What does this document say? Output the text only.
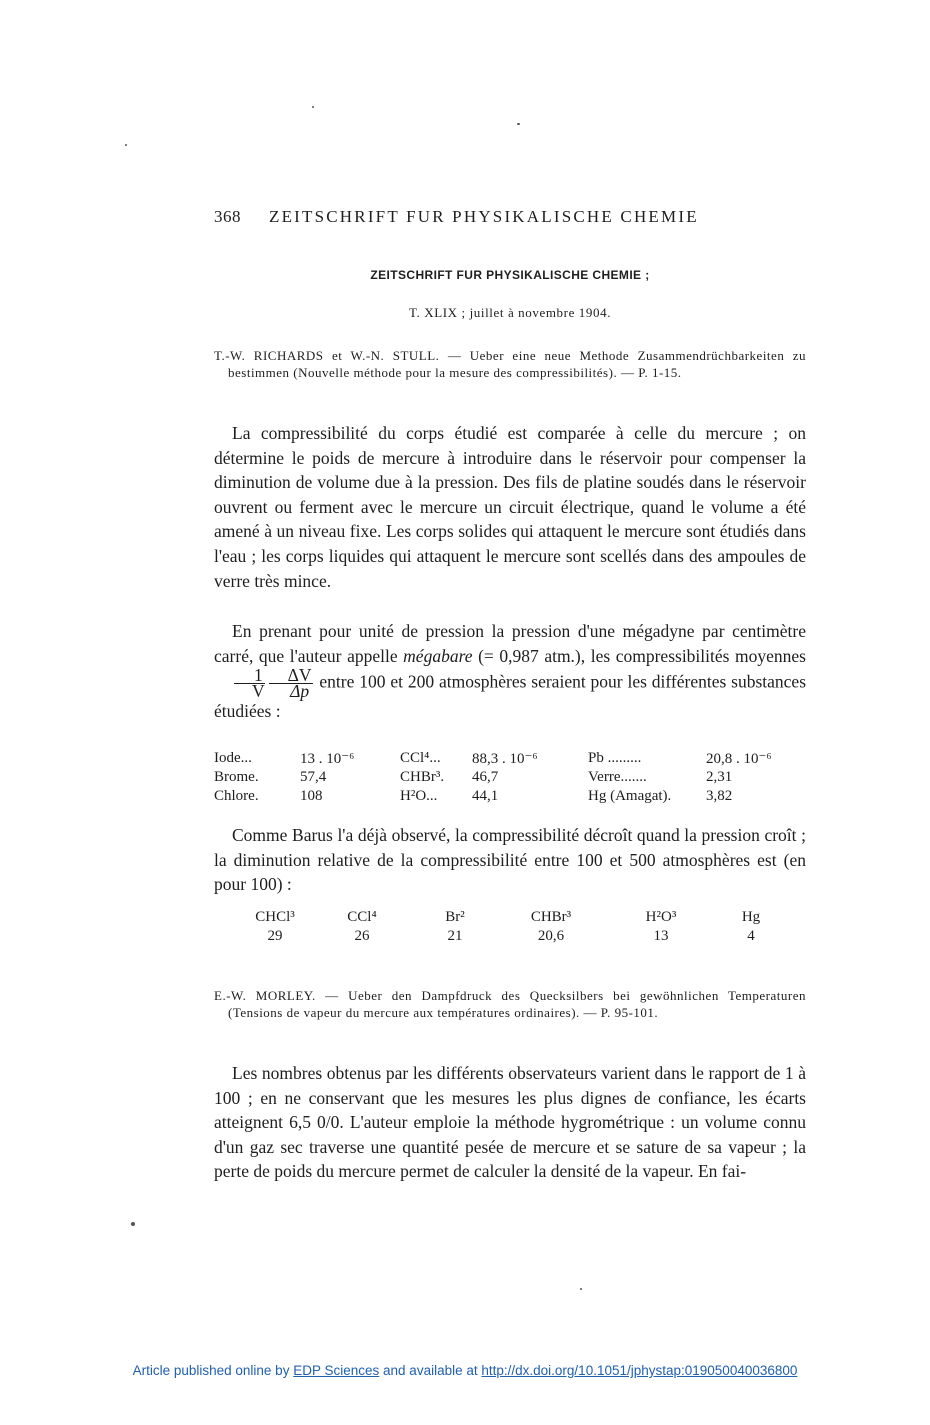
368 ZEITSCHRIFT FUR PHYSIKALISCHE CHEMIE
ZEITSCHRIFT FUR PHYSIKALISCHE CHEMIE ;
T. XLIX ; juillet à novembre 1904.
T.-W. RICHARDS et W.-N. STULL. — Ueber eine neue Methode Zusammendrüchbarkeiten zu bestimmen (Nouvelle méthode pour la mesure des compressibilités). — P. 1-15.

La compressibilité du corps étudié est comparée à celle du mercure ; on détermine le poids de mercure à introduire dans le réservoir pour compenser la diminution de volume due à la pression. Des fils de platine soudés dans le réservoir ouvrent ou ferment avec le mercure un circuit électrique, quand le volume a été amené à un niveau fixe. Les corps solides qui attaquent le mercure sont étudiés dans l'eau ; les corps liquides qui attaquent le mercure sont scellés dans des ampoules de verre très mince.

En prenant pour unité de pression la pression d'une mégadyne par centimètre carré, que l'auteur appelle mégabare (= 0,987 atm.), les compressibilités moyennes
$\frac{1}{V} \frac{\Delta V}{\Delta p}$ entre 100 et 200 atmosphères seraient pour les différentes substances étudiées :

Iode...	13 . 10⁻⁶	CCl⁴...	88,3 . 10⁻⁶	Pb .........	20,8 . 10⁻⁶
Brome.	57,4	CHBr³.	46,7	Verre.......	2,31
Chlore.	108	H²O...	44,1	Hg (Amagat).	3,82

Comme Barus l'a déjà observé, la compressibilité décroît quand la pression croît ; la diminution relative de la compressibilité entre 100 et 500 atmosphères est (en pour 100) :

CHCl³	CCl⁴	Br²	CHBr³	H²O³	Hg
29	26	21	20,6	13	4
E.-W. MORLEY. — Ueber den Dampfdruck des Quecksilbers bei gewöhnlichen Temperaturen (Tensions de vapeur du mercure aux températures ordinaires). — P. 95-101.

Les nombres obtenus par les différents observateurs varient dans le rapport de 1 à 100 ; en ne conservant que les mesures les plus dignes de confiance, les écarts atteignent 6,5 0/0. L'auteur emploie la méthode hygrométrique : un volume connu d'un gaz sec traverse une quantité pesée de mercure et se sature de sa vapeur ; la perte de poids du mercure permet de calculer la densité de la vapeur. En fai-

Article published online by EDP Sciences and available at http://dx.doi.org/10.1051/jphystap:019050040036800
